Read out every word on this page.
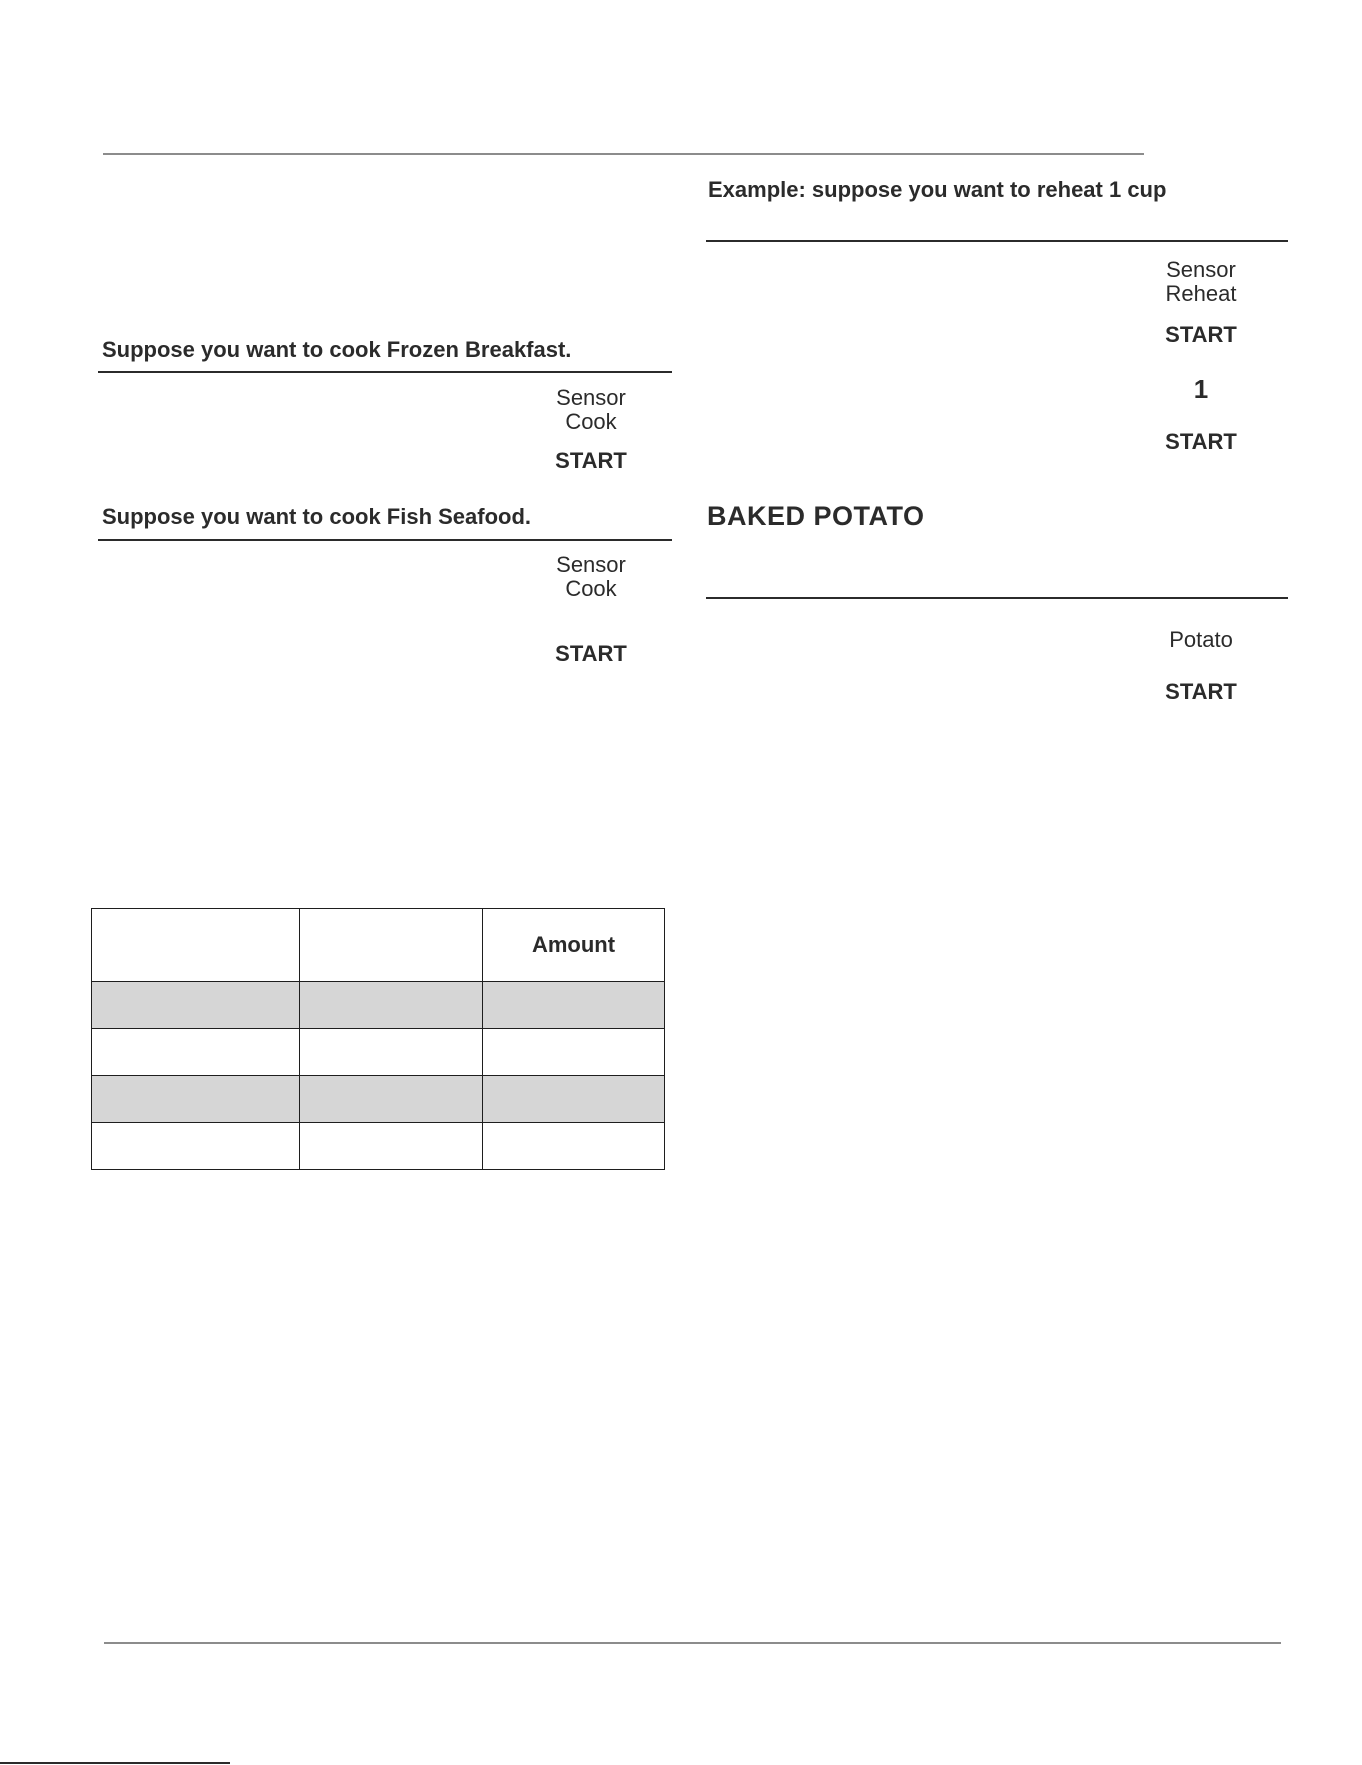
Example: suppose you want to reheat 1 cup
Sensor
Reheat
START
1
START
Suppose you want to cook Frozen Breakfast.
Sensor
Cook
START
Suppose you want to cook Fish Seafood.
Sensor
Cook
START
BAKED POTATO
Potato
START
		Amount
